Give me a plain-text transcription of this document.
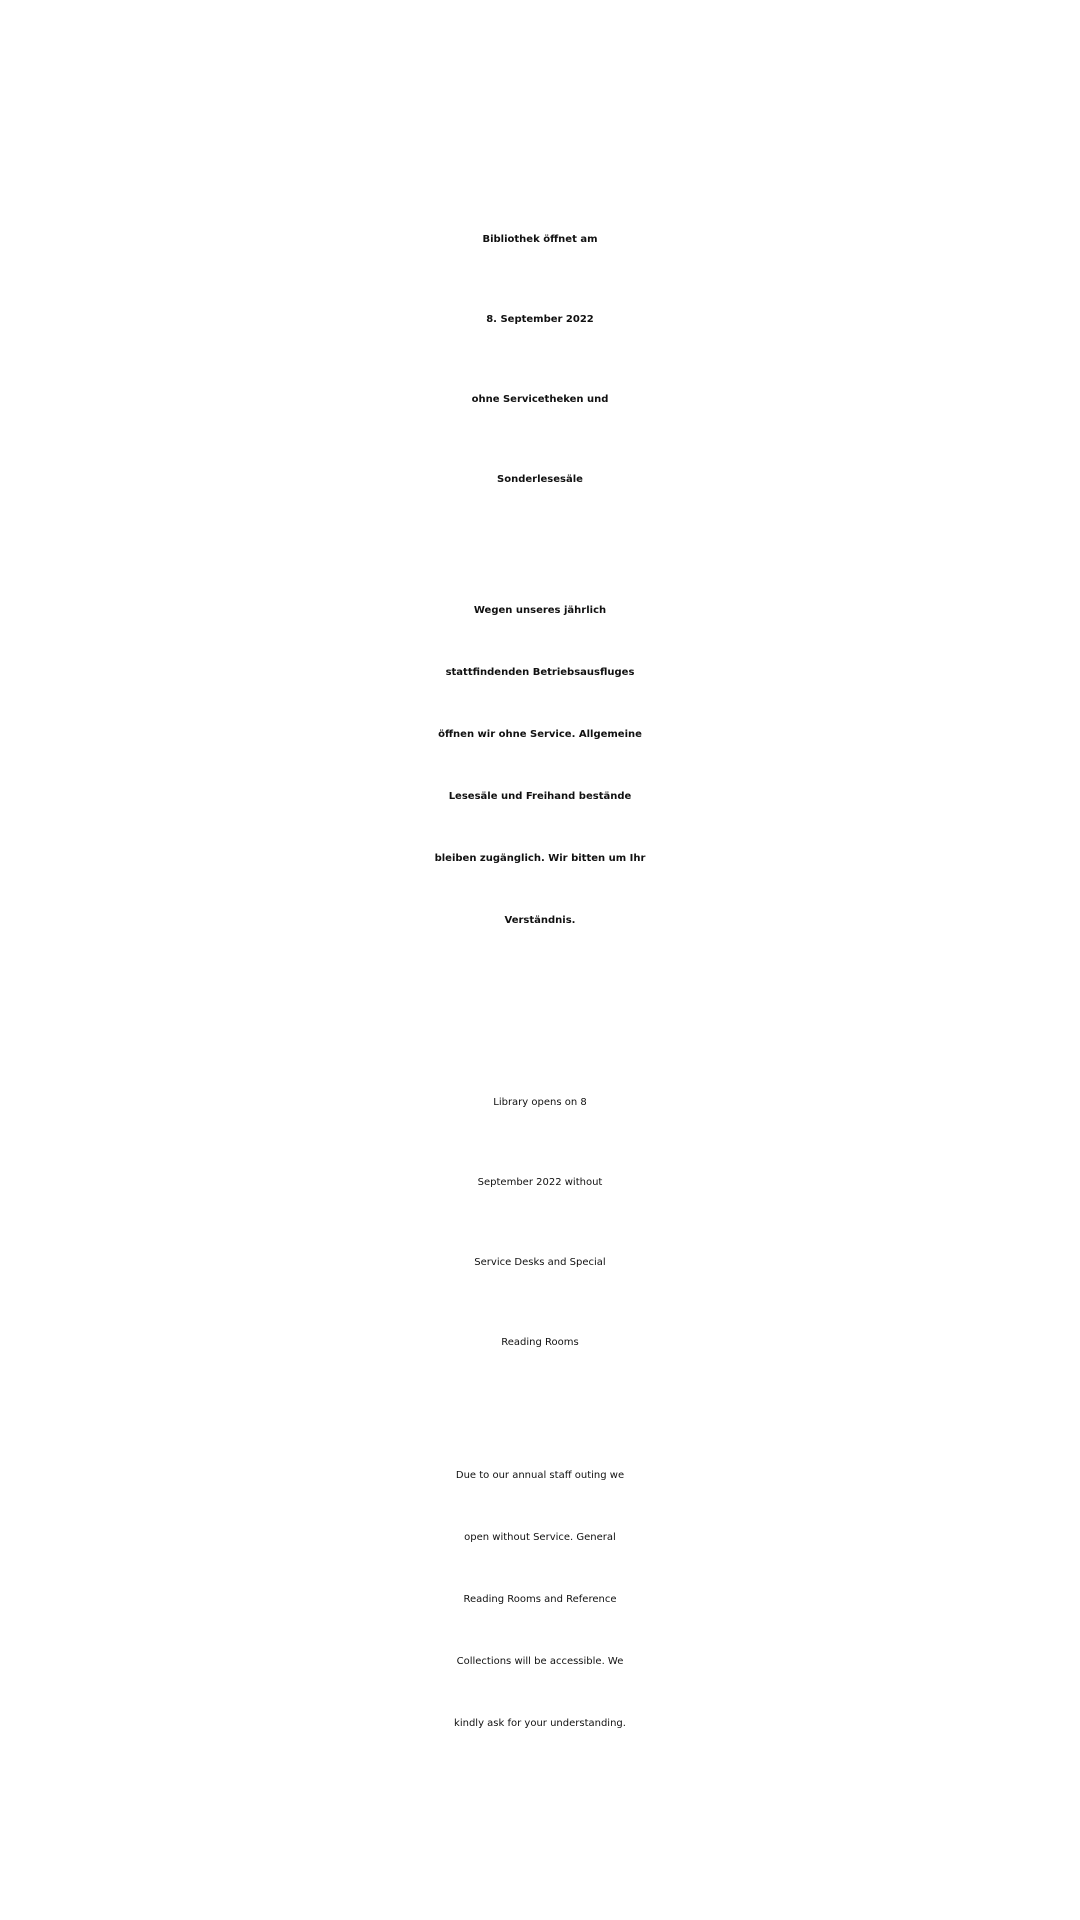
Bibliothek öffnet am
8. September 2022
ohne Servicetheken und
Sonderlesesäle
Wegen unseres jährlich
stattfindenden Betriebsausfluges
öffnen wir ohne Service. Allgemeine
Lesesäle und Freihand bestände
bleiben zugänglich. Wir bitten um Ihr
Verständnis.
Library opens on 8
September 2022 without
Service Desks and Special
Reading Rooms
Due to our annual staff outing we
open without Service. General
Reading Rooms and Reference
Collections will be accessible. We
kindly ask for your understanding.
